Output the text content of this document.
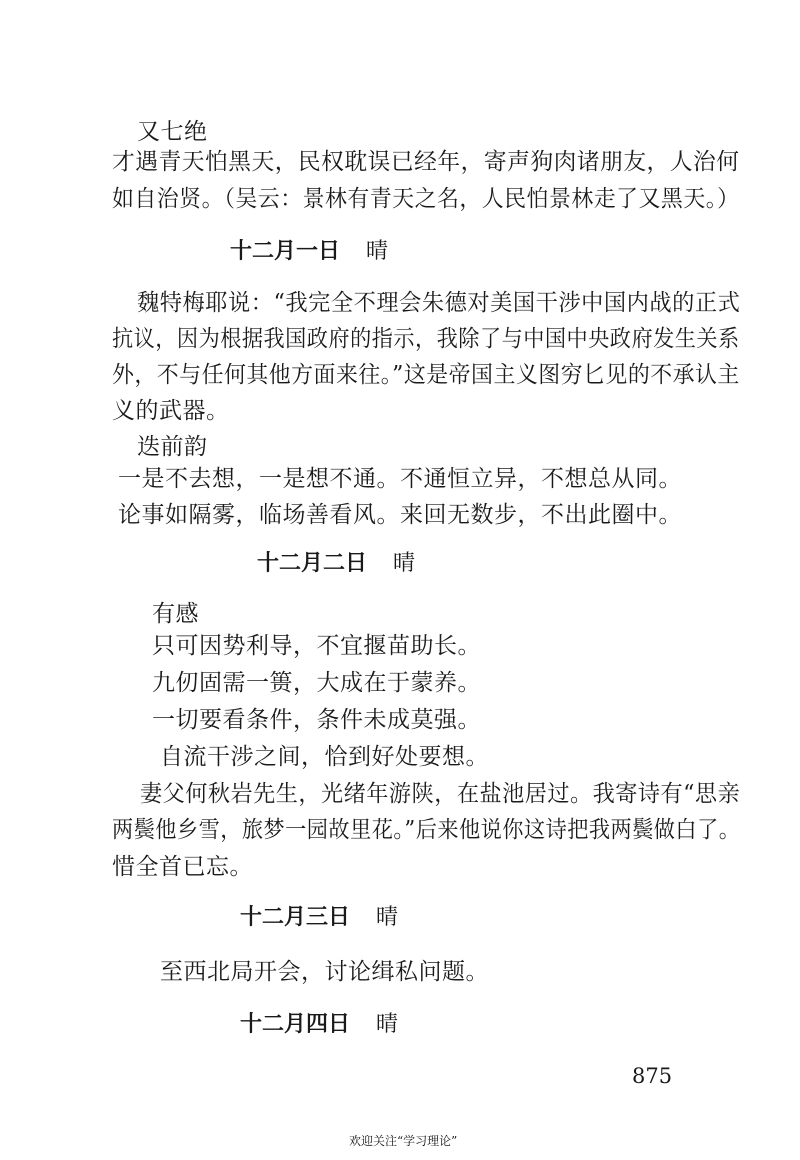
又七绝
才遇青天怕黑天，民权耽误已经年，寄声狗肉诸朋友，人治何
如自治贤。（吴云：景林有青天之名，人民怕景林走了又黑天。）
十二月一日 晴
魏特梅耶说：“我完全不理会朱德对美国干涉中国内战的正式
抗议，因为根据我国政府的指示，我除了与中国中央政府发生关系
外，不与任何其他方面来往。”这是帝国主义图穷匕见的不承认主
义的武器。
迭前韵
一是不去想，一是想不通。不通恒立异，不想总从同。
论事如隔雾，临场善看风。来回无数步，不出此圈中。
十二月二日 晴
有感
只可因势利导，不宜揠苗助长。
九仞固需一篑，大成在于蒙养。
一切要看条件，条件未成莫强。
自流干涉之间，恰到好处要想。
妻父何秋岩先生，光绪年游陕，在盐池居过。我寄诗有“思亲
两鬓他乡雪，旅梦一园故里花。”后来他说你这诗把我两鬓做白了。
惜全首已忘。
十二月三日 晴
至西北局开会，讨论缉私问题。
十二月四日 晴
875
欢迎关注“学习理论”
